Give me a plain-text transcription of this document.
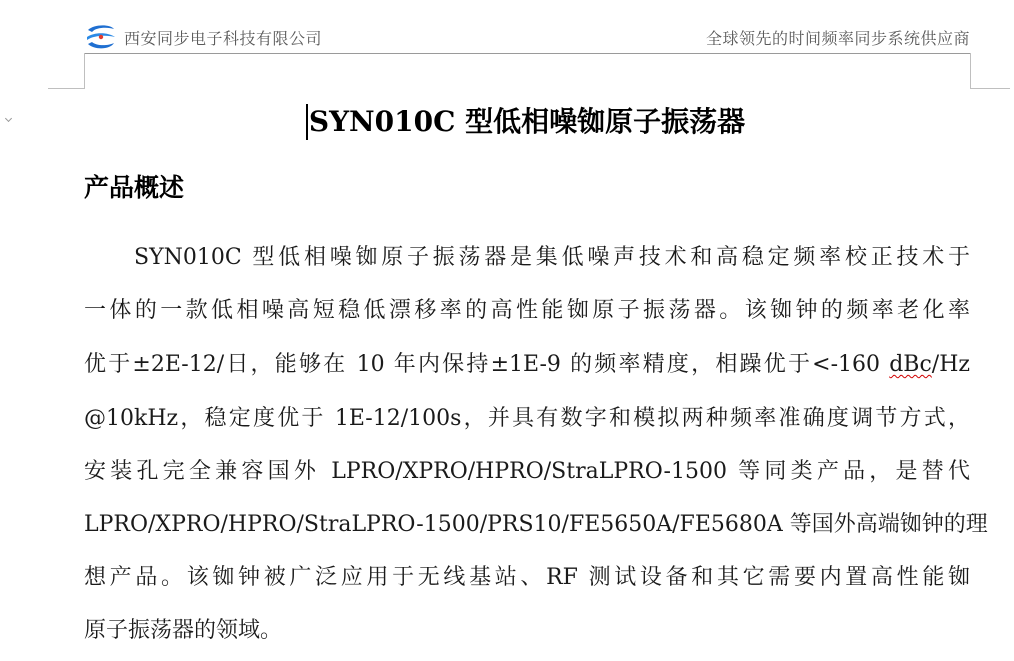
西安同步电子科技有限公司	全球领先的时间频率同步系统供应商
SYN010C 型低相噪铷原子振荡器
产品概述
SYN010C 型低相噪铷原子振荡器是集低噪声技术和高稳定频率校正技术于
一体的一款低相噪高短稳低漂移率的高性能铷原子振荡器。该铷钟的频率老化率
优于±2E-12/日，能够在 10 年内保持±1E-9 的频率精度，相躁优于<-160 dBc/Hz
@10kHz，稳定度优于 1E-12/100s，并具有数字和模拟两种频率准确度调节方式，
安装孔完全兼容国外 LPRO/XPRO/HPRO/StraLPRO-1500 等同类产品，是替代
LPRO/XPRO/HPRO/StraLPRO-1500/PRS10/FE5650A/FE5680A 等国外高端铷钟的理
想产品。该铷钟被广泛应用于无线基站、RF 测试设备和其它需要内置高性能铷
原子振荡器的领域。
